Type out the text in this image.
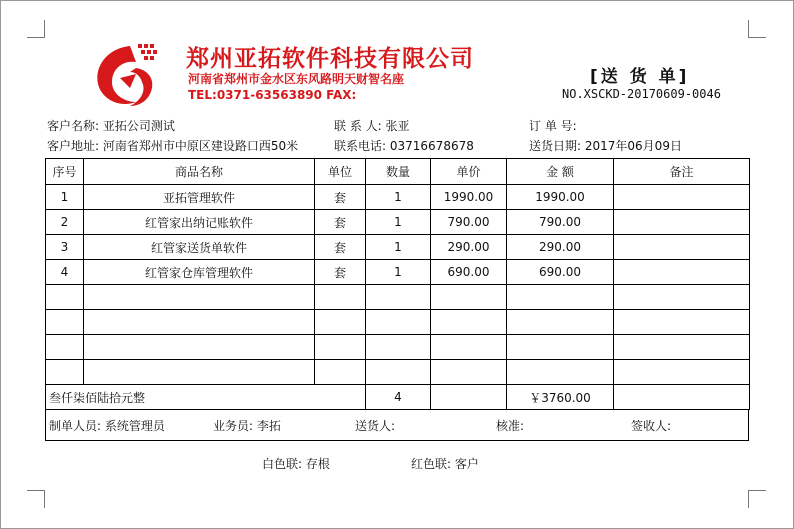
郑州亚拓软件科技有限公司
河南省郑州市金水区东风路明天财智名座
TEL:0371-63563890 FAX:
[送 货 单]
NO.XSCKD-20170609-0046
客户名称: 亚拓公司测试	联 系 人: 张亚	订 单 号:
客户地址: 河南省郑州市中原区建设路口西50米	联系电话: 03716678678	送货日期: 2017年06月09日
序号	商品名称	单位	数量	单价	金 额	备注
1	亚拓管理软件	套	1	1990.00	1990.00	
2	红管家出纳记账软件	套	1	790.00	790.00	
3	红管家送货单软件	套	1	290.00	290.00	
4	红管家仓库管理软件	套	1	690.00	690.00	

叁仟柒佰陆拾元整			4		￥3760.00	
制单人员: 系统管理员	业务员: 李拓	送货人:	核准:	签收人:
白色联: 存根	红色联: 客户
